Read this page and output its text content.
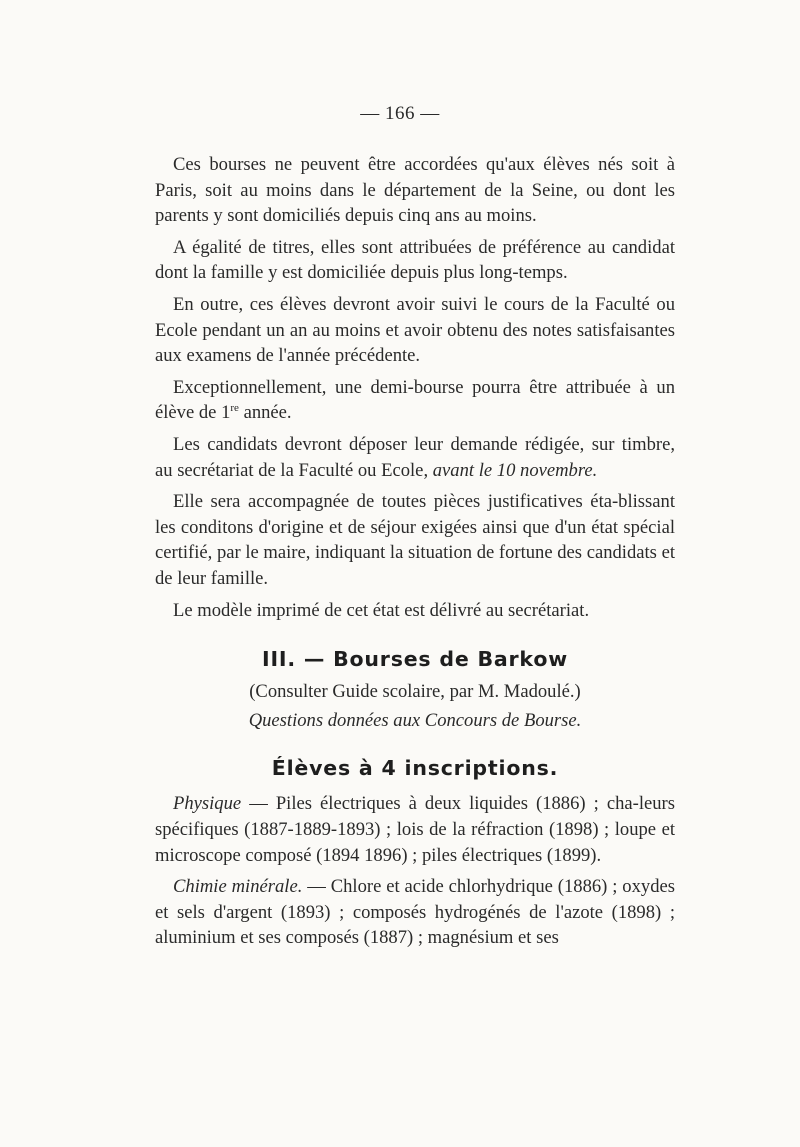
— 166 —

Ces bourses ne peuvent être accordées qu'aux élèves nés soit à Paris, soit au moins dans le département de la Seine, ou dont les parents y sont domiciliés depuis cinq ans au moins.

A égalité de titres, elles sont attribuées de préférence au candidat dont la famille y est domiciliée depuis plus long-temps.

En outre, ces élèves devront avoir suivi le cours de la Faculté ou Ecole pendant un an au moins et avoir obtenu des notes satisfaisantes aux examens de l'année précédente.

Exceptionnellement, une demi-bourse pourra être attribuée à un élève de 1re année.

Les candidats devront déposer leur demande rédigée, sur timbre, au secrétariat de la Faculté ou Ecole, avant le 10 novembre.

Elle sera accompagnée de toutes pièces justificatives éta-blissant les conditons d'origine et de séjour exigées ainsi que d'un état spécial certifié, par le maire, indiquant la situation de fortune des candidats et de leur famille.

Le modèle imprimé de cet état est délivré au secrétariat.

III. — Bourses de Barkow
(Consulter Guide scolaire, par M. Madoulé.)
Questions données aux Concours de Bourse.
Élèves à 4 inscriptions.

Physique — Piles électriques à deux liquides (1886) ; cha-leurs spécifiques (1887-1889-1893) ; lois de la réfraction (1898) ; loupe et microscope composé (1894 1896) ; piles électriques (1899).

Chimie minérale. — Chlore et acide chlorhydrique (1886) ; oxydes et sels d'argent (1893) ; composés hydrogénés de l'azote (1898) ; aluminium et ses composés (1887) ; magnésium et ses
